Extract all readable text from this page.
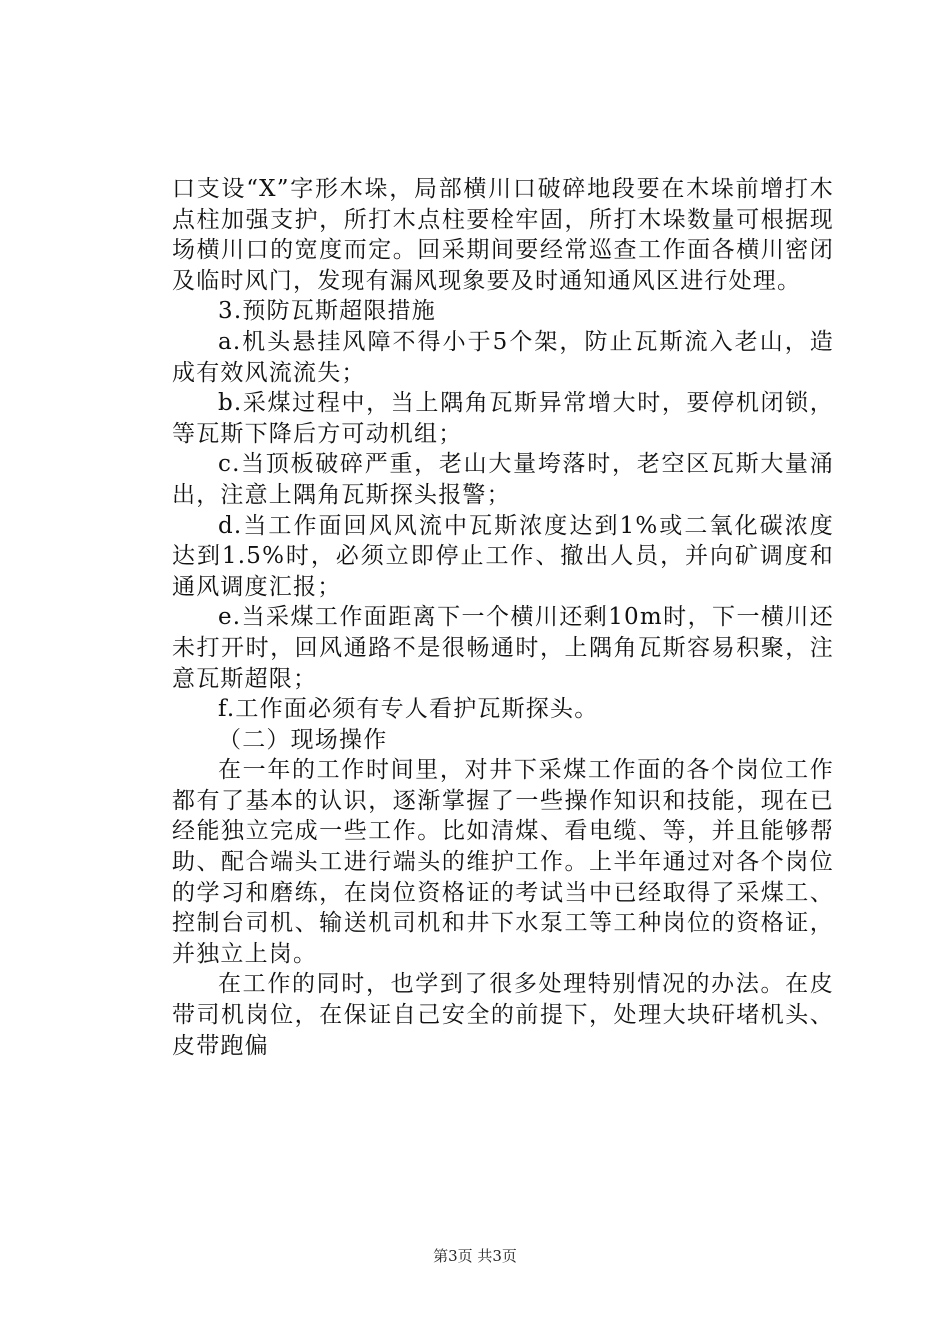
口支设“X”字形木垛，局部横川口破碎地段要在木垛前增打木点柱加强支护，所打木点柱要栓牢固，所打木垛数量可根据现场横川口的宽度而定。回采期间要经常巡查工作面各横川密闭及临时风门，发现有漏风现象要及时通知通风区进行处理。

3.预防瓦斯超限措施

a.机头悬挂风障不得小于5个架，防止瓦斯流入老山，造成有效风流流失；

b.采煤过程中，当上隅角瓦斯异常增大时，要停机闭锁，等瓦斯下降后方可动机组；

c.当顶板破碎严重，老山大量垮落时，老空区瓦斯大量涌出，注意上隅角瓦斯探头报警；

d.当工作面回风风流中瓦斯浓度达到1%或二氧化碳浓度达到1.5%时，必须立即停止工作、撤出人员，并向矿调度和通风调度汇报；

e.当采煤工作面距离下一个横川还剩10m时，下一横川还未打开时，回风通路不是很畅通时，上隅角瓦斯容易积聚，注意瓦斯超限；

f.工作面必须有专人看护瓦斯探头。

（二）现场操作

在一年的工作时间里，对井下采煤工作面的各个岗位工作都有了基本的认识，逐渐掌握了一些操作知识和技能，现在已经能独立完成一些工作。比如清煤、看电缆、等，并且能够帮助、配合端头工进行端头的维护工作。上半年通过对各个岗位的学习和磨练，在岗位资格证的考试当中已经取得了采煤工、控制台司机、输送机司机和井下水泵工等工种岗位的资格证，并独立上岗。

在工作的同时，也学到了很多处理特别情况的办法。在皮带司机岗位，在保证自己安全的前提下，处理大块矸堵机头、皮带跑偏

第3页 共3页
